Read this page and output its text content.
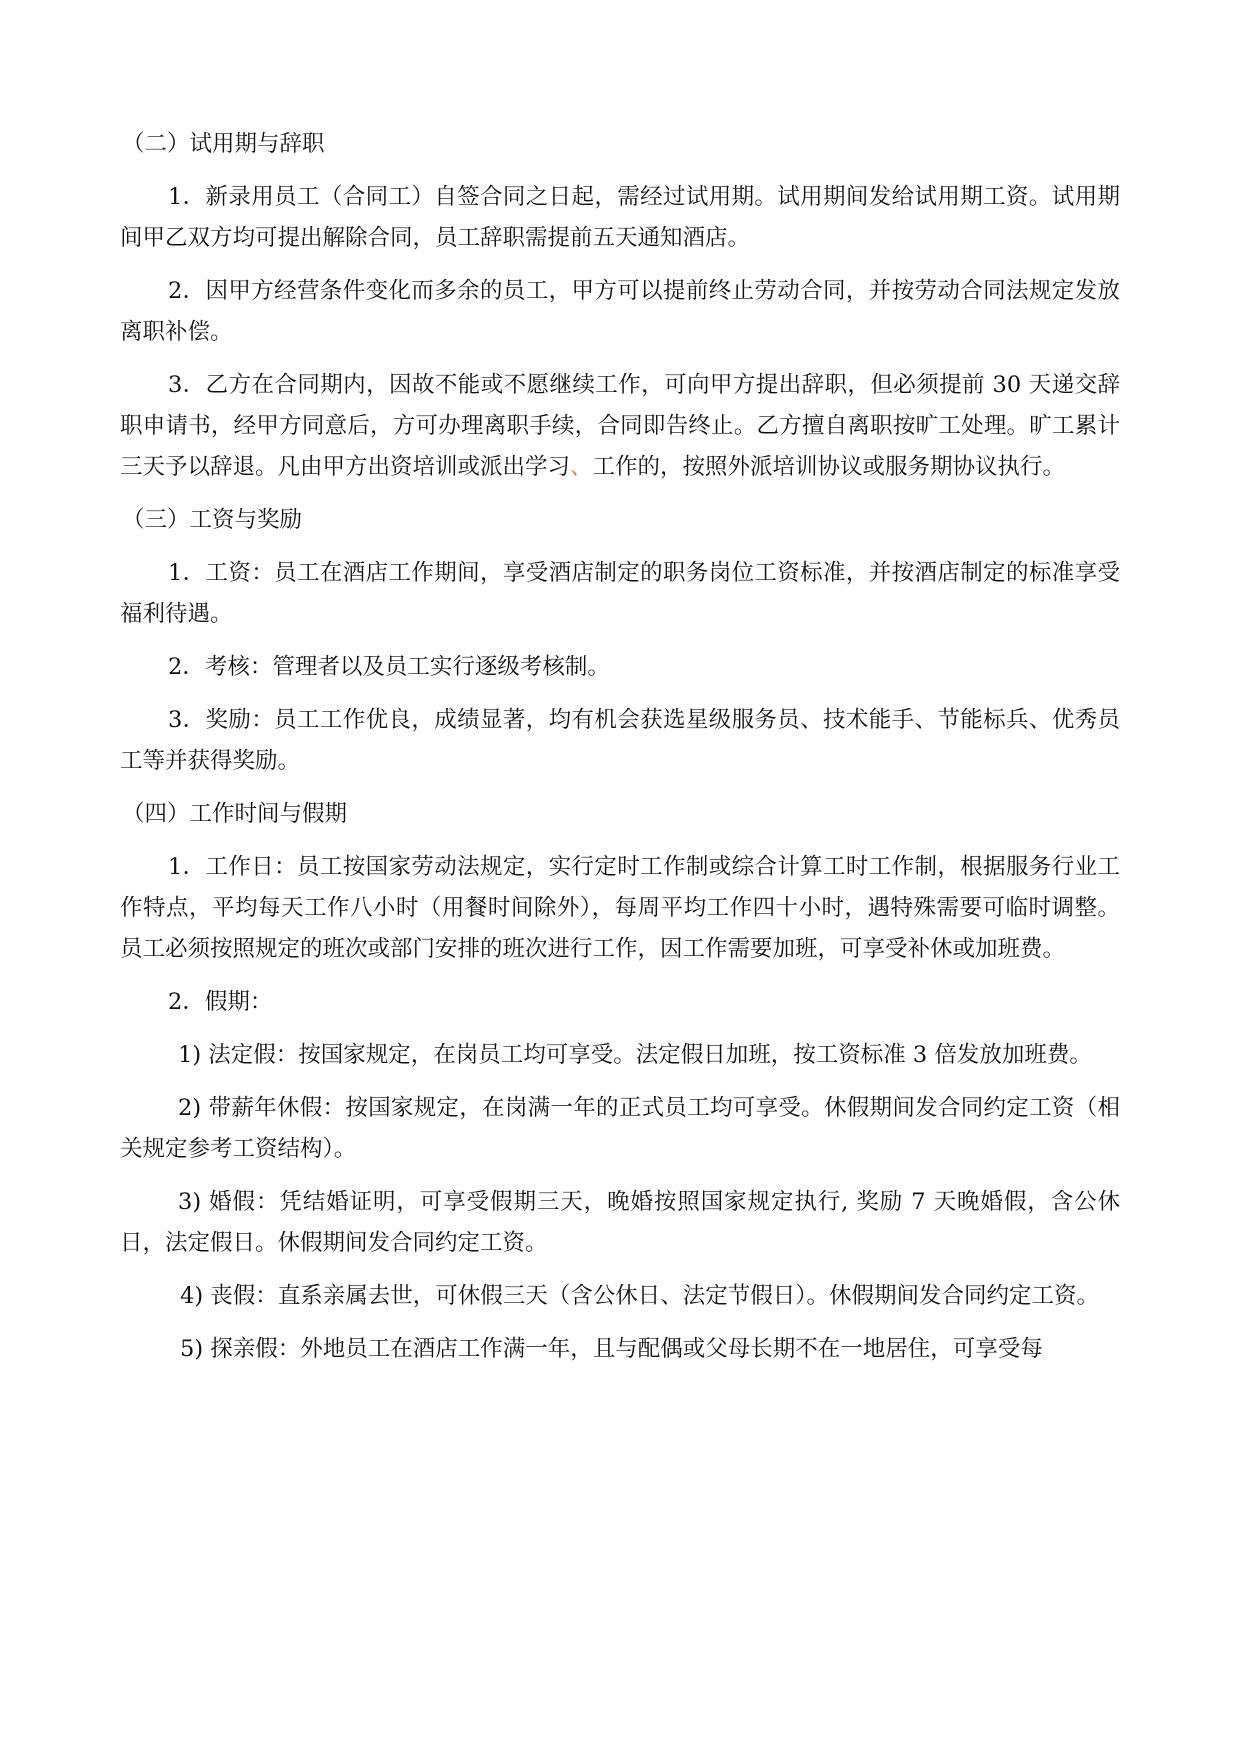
（二）试用期与辞职

1．新录用员工（合同工）自签合同之日起，需经过试用期。试用期间发给试用期工资。试用期间甲乙双方均可提出解除合同，员工辞职需提前五天通知酒店。

2．因甲方经营条件变化而多余的员工，甲方可以提前终止劳动合同，并按劳动合同法规定发放离职补偿。

3．乙方在合同期内，因故不能或不愿继续工作，可向甲方提出辞职，但必须提前 30 天递交辞职申请书，经甲方同意后，方可办理离职手续，合同即告终止。乙方擅自离职按旷工处理。旷工累计三天予以辞退。凡由甲方出资培训或派出学习、工作的，按照外派培训协议或服务期协议执行。

（三）工资与奖励

1．工资：员工在酒店工作期间，享受酒店制定的职务岗位工资标准，并按酒店制定的标准享受福利待遇。

2．考核：管理者以及员工实行逐级考核制。

3．奖励：员工工作优良，成绩显著，均有机会获选星级服务员、技术能手、节能标兵、优秀员工等并获得奖励。

（四）工作时间与假期

1．工作日：员工按国家劳动法规定，实行定时工作制或综合计算工时工作制，根据服务行业工作特点，平均每天工作八小时（用餐时间除外），每周平均工作四十小时，遇特殊需要可临时调整。员工必须按照规定的班次或部门安排的班次进行工作，因工作需要加班，可享受补休或加班费。

2．假期：

1) 法定假：按国家规定，在岗员工均可享受。法定假日加班，按工资标准 3 倍发放加班费。

2) 带薪年休假：按国家规定，在岗满一年的正式员工均可享受。休假期间发合同约定工资（相关规定参考工资结构）。

3) 婚假：凭结婚证明，可享受假期三天，晚婚按照国家规定执行, 奖励 7 天晚婚假，含公休日，法定假日。休假期间发合同约定工资。

4) 丧假：直系亲属去世，可休假三天（含公休日、法定节假日）。休假期间发合同约定工资。

5) 探亲假：外地员工在酒店工作满一年，且与配偶或父母长期不在一地居住，可享受每
